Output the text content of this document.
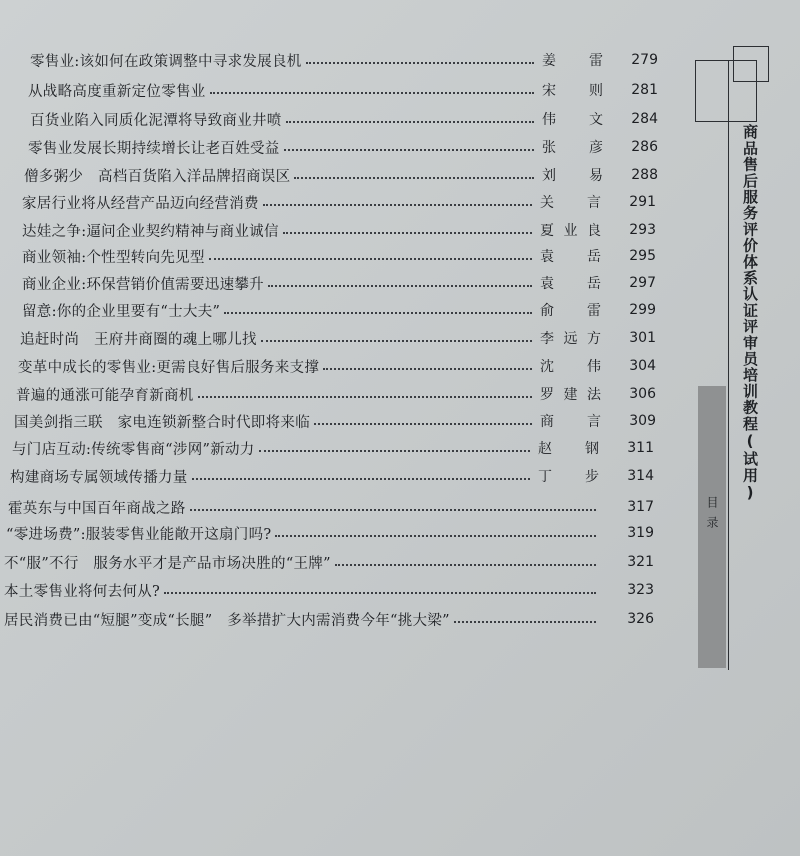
零售业:该如何在政策调整中寻求发展良机	姜雷	279
从战略高度重新定位零售业	宋则	281
百货业陷入同质化泥潭将导致商业井喷	伟文	284
零售业发展长期持续增长让老百姓受益	张彦	286
僧多粥少　高档百货陷入洋品牌招商误区	刘易	288
家居行业将从经营产品迈向经营消费	关言	291
达娃之争:逼问企业契约精神与商业诚信	夏业良	293
商业领袖:个性型转向先见型	袁岳	295
商业企业:环保营销价值需要迅速攀升	袁岳	297
留意:你的企业里要有“士大夫”	俞雷	299
追赶时尚　王府井商圈的魂上哪儿找	李远方	301
变革中成长的零售业:更需良好售后服务来支撑	沈伟	304
普遍的通涨可能孕育新商机	罗建法	306
国美剑指三联　家电连锁新整合时代即将来临	商言	309
与门店互动:传统零售商“涉网”新动力	赵钢	311
构建商场专属领域传播力量	丁步	314
霍英东与中国百年商战之路	317
“零进场费”:服装零售业能敞开这扇门吗?	319
不“服”不行　服务水平才是产品市场决胜的“王牌”	321
本土零售业将何去何从?	323
居民消费已由“短腿”变成“长腿”　多举措扩大内需消费今年“挑大梁”	326
商品售后服务评价体系认证评审员培训教程(试用)
目录
